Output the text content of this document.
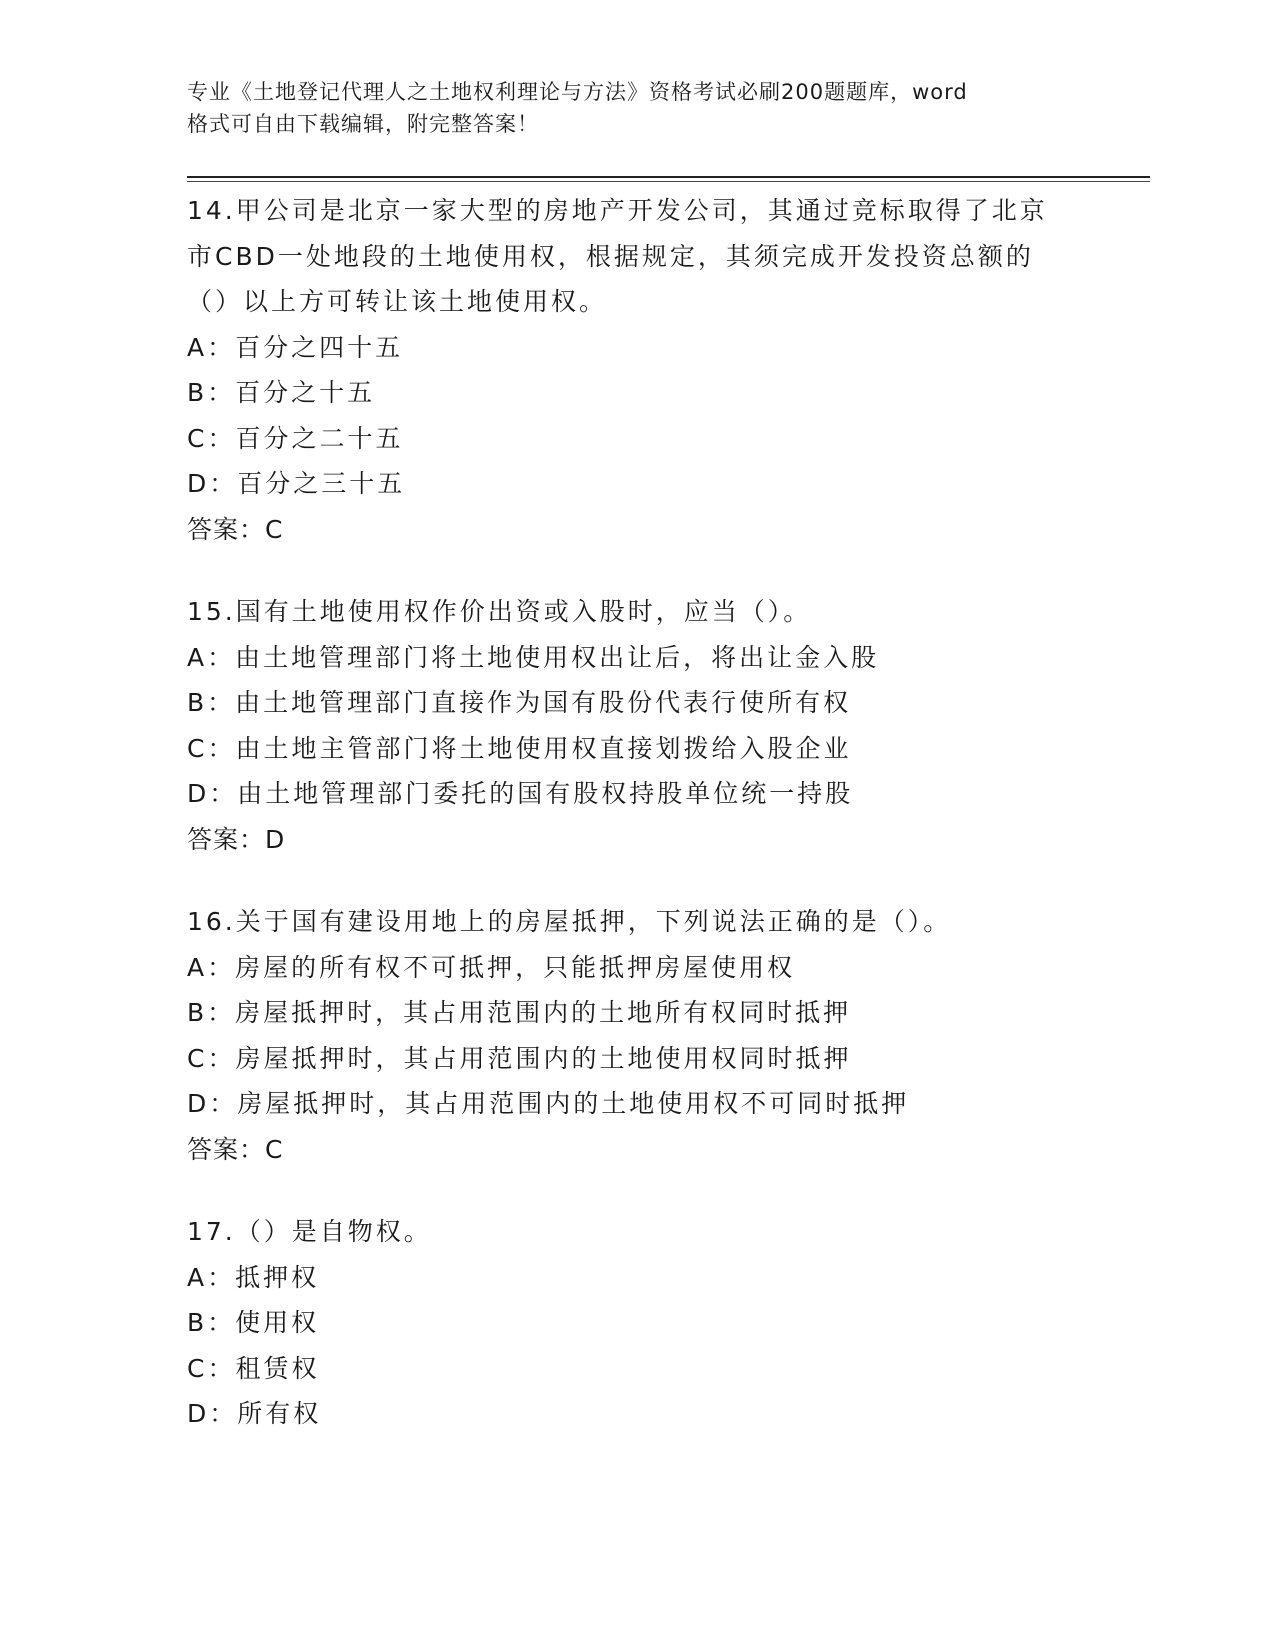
专业《土地登记代理人之土地权利理论与方法》资格考试必刷200题题库，word
格式可自由下载编辑，附完整答案！
14.甲公司是北京一家大型的房地产开发公司，其通过竞标取得了北京
市CBD一处地段的土地使用权，根据规定，其须完成开发投资总额的
（）以上方可转让该土地使用权。
A：百分之四十五
B：百分之十五
C：百分之二十五
D：百分之三十五
答案：C
15.国有土地使用权作价出资或入股时，应当（）。
A：由土地管理部门将土地使用权出让后，将出让金入股
B：由土地管理部门直接作为国有股份代表行使所有权
C：由土地主管部门将土地使用权直接划拨给入股企业
D：由土地管理部门委托的国有股权持股单位统一持股
答案：D
16.关于国有建设用地上的房屋抵押，下列说法正确的是（）。
A：房屋的所有权不可抵押，只能抵押房屋使用权
B：房屋抵押时，其占用范围内的土地所有权同时抵押
C：房屋抵押时，其占用范围内的土地使用权同时抵押
D：房屋抵押时，其占用范围内的土地使用权不可同时抵押
答案：C
17.（）是自物权。
A：抵押权
B：使用权
C：租赁权
D：所有权
